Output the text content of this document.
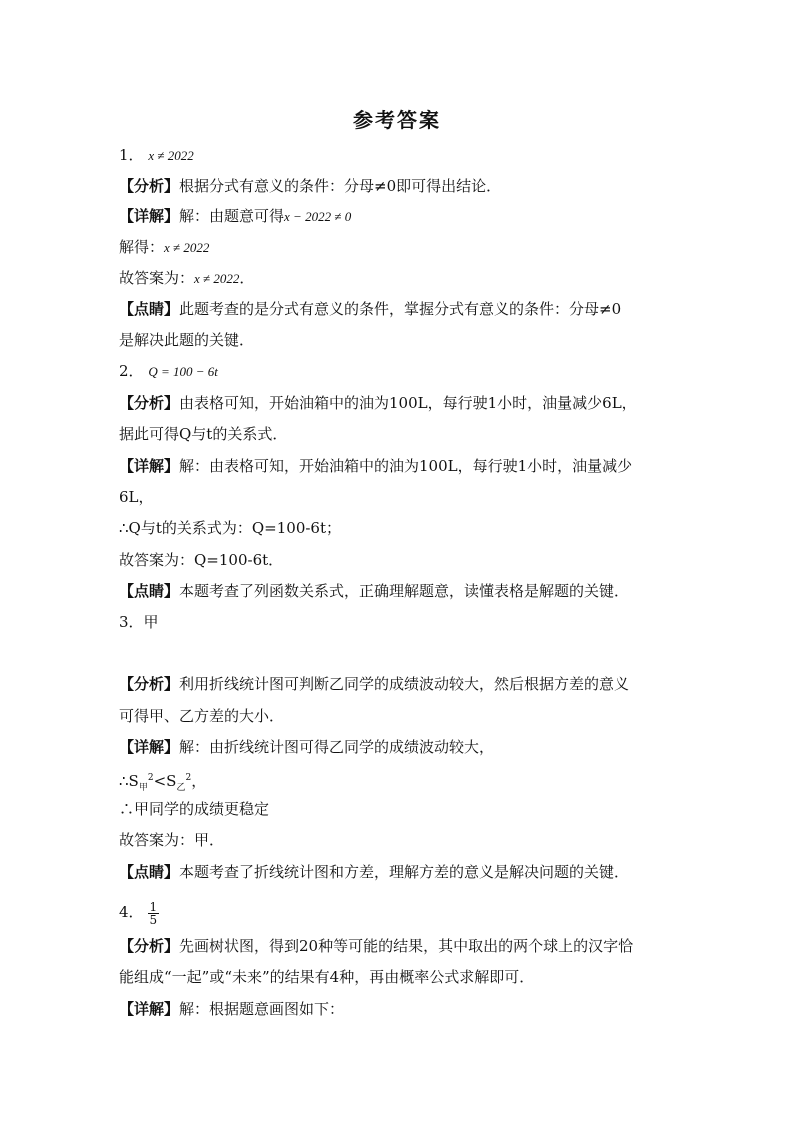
参考答案
1． x ≠ 2022
【分析】根据分式有意义的条件：分母≠0即可得出结论．
【详解】解：由题意可得x − 2022 ≠ 0
解得：x ≠ 2022
故答案为：x ≠ 2022．
【点睛】此题考查的是分式有意义的条件，掌握分式有意义的条件：分母≠0
是解决此题的关键．
2． Q = 100 − 6t
【分析】由表格可知，开始油箱中的油为100L，每行驶1小时，油量减少6L，
据此可得Q与t的关系式．
【详解】解：由表格可知，开始油箱中的油为100L，每行驶1小时，油量减少
6L，
∴Q与t的关系式为：Q=100-6t；
故答案为：Q=100-6t．
【点睛】本题考查了列函数关系式，正确理解题意，读懂表格是解题的关键．
3．甲
【分析】利用折线统计图可判断乙同学的成绩波动较大，然后根据方差的意义
可得甲、乙方差的大小．
【详解】解：由折线统计图可得乙同学的成绩波动较大，
$\therefore S_甲^2<S_乙^2$，
∴甲同学的成绩更稳定
故答案为：甲．
【点睛】本题考查了折线统计图和方差，理解方差的意义是解决问题的关键．
4． $\frac{1}{5}$
【分析】先画树状图，得到20种等可能的结果，其中取出的两个球上的汉字恰
能组成“一起”或“未来”的结果有4种，再由概率公式求解即可．
【详解】解：根据题意画图如下：
